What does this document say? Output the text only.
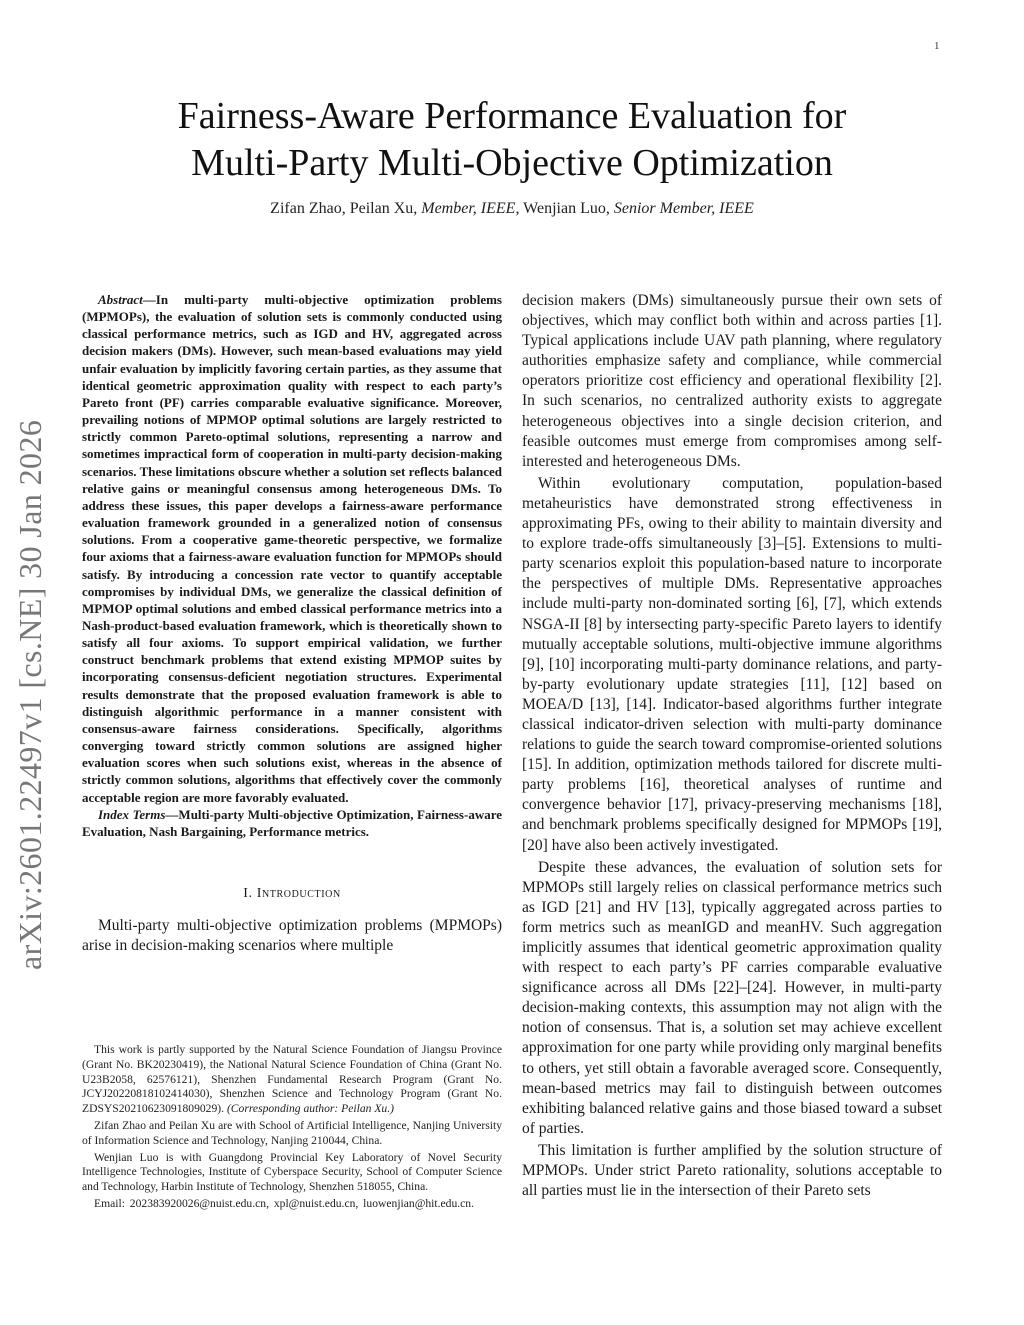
1
arXiv:2601.22497v1 [cs.NE] 30 Jan 2026
Fairness-Aware Performance Evaluation for
Multi-Party Multi-Objective Optimization
Zifan Zhao, Peilan Xu, Member, IEEE, Wenjian Luo, Senior Member, IEEE

Abstract—In multi-party multi-objective optimization problems (MPMOPs), the evaluation of solution sets is commonly conducted using classical performance metrics, such as IGD and HV, aggregated across decision makers (DMs). However, such mean-based evaluations may yield unfair evaluation by implicitly favoring certain parties, as they assume that identical geometric approximation quality with respect to each party’s Pareto front (PF) carries comparable evaluative significance. Moreover, prevailing notions of MPMOP optimal solutions are largely restricted to strictly common Pareto-optimal solutions, representing a narrow and sometimes impractical form of cooperation in multi-party decision-making scenarios. These limitations obscure whether a solution set reflects balanced relative gains or meaningful consensus among heterogeneous DMs. To address these issues, this paper develops a fairness-aware performance evaluation framework grounded in a generalized notion of consensus solutions. From a cooperative game-theoretic perspective, we formalize four axioms that a fairness-aware evaluation function for MPMOPs should satisfy. By introducing a concession rate vector to quantify acceptable compromises by individual DMs, we generalize the classical definition of MPMOP optimal solutions and embed classical performance metrics into a Nash-product-based evaluation framework, which is theoretically shown to satisfy all four axioms. To support empirical validation, we further construct benchmark problems that extend existing MPMOP suites by incorporating consensus-deficient negotiation structures. Experimental results demonstrate that the proposed evaluation framework is able to distinguish algorithmic performance in a manner consistent with consensus-aware fairness considerations. Specifically, algorithms converging toward strictly common solutions are assigned higher evaluation scores when such solutions exist, whereas in the absence of strictly common solutions, algorithms that effectively cover the commonly acceptable region are more favorably evaluated.

Index Terms—Multi-party Multi-objective Optimization, Fairness-aware Evaluation, Nash Bargaining, Performance metrics.

I. Introduction

Multi-party multi-objective optimization problems (MPMOPs) arise in decision-making scenarios where multiple

This work is partly supported by the Natural Science Foundation of Jiangsu Province (Grant No. BK20230419), the National Natural Science Foundation of China (Grant No. U23B2058, 62576121), Shenzhen Fundamental Research Program (Grant No. JCYJ20220818102414030), Shenzhen Science and Technology Program (Grant No. ZDSYS20210623091809029). (Corresponding author: Peilan Xu.)

Zifan Zhao and Peilan Xu are with School of Artificial Intelligence, Nanjing University of Information Science and Technology, Nanjing 210044, China.

Wenjian Luo is with Guangdong Provincial Key Laboratory of Novel Security Intelligence Technologies, Institute of Cyberspace Security, School of Computer Science and Technology, Harbin Institute of Technology, Shenzhen 518055, China.

Email: 202383920026@nuist.edu.cn, xpl@nuist.edu.cn, luowenjian@hit.edu.cn.

decision makers (DMs) simultaneously pursue their own sets of objectives, which may conflict both within and across parties [1]. Typical applications include UAV path planning, where regulatory authorities emphasize safety and compliance, while commercial operators prioritize cost efficiency and operational flexibility [2]. In such scenarios, no centralized authority exists to aggregate heterogeneous objectives into a single decision criterion, and feasible outcomes must emerge from compromises among self-interested and heterogeneous DMs.

Within evolutionary computation, population-based metaheuristics have demonstrated strong effectiveness in approximating PFs, owing to their ability to maintain diversity and to explore trade-offs simultaneously [3]–[5]. Extensions to multi-party scenarios exploit this population-based nature to incorporate the perspectives of multiple DMs. Representative approaches include multi-party non-dominated sorting [6], [7], which extends NSGA-II [8] by intersecting party-specific Pareto layers to identify mutually acceptable solutions, multi-objective immune algorithms [9], [10] incorporating multi-party dominance relations, and party-by-party evolutionary update strategies [11], [12] based on MOEA/D [13], [14]. Indicator-based algorithms further integrate classical indicator-driven selection with multi-party dominance relations to guide the search toward compromise-oriented solutions [15]. In addition, optimization methods tailored for discrete multi-party problems [16], theoretical analyses of runtime and convergence behavior [17], privacy-preserving mechanisms [18], and benchmark problems specifically designed for MPMOPs [19], [20] have also been actively investigated.

Despite these advances, the evaluation of solution sets for MPMOPs still largely relies on classical performance metrics such as IGD [21] and HV [13], typically aggregated across parties to form metrics such as meanIGD and meanHV. Such aggregation implicitly assumes that identical geometric approximation quality with respect to each party’s PF carries comparable evaluative significance across all DMs [22]–[24]. However, in multi-party decision-making contexts, this assumption may not align with the notion of consensus. That is, a solution set may achieve excellent approximation for one party while providing only marginal benefits to others, yet still obtain a favorable averaged score. Consequently, mean-based metrics may fail to distinguish between outcomes exhibiting balanced relative gains and those biased toward a subset of parties.

This limitation is further amplified by the solution structure of MPMOPs. Under strict Pareto rationality, solutions acceptable to all parties must lie in the intersection of their Pareto sets
